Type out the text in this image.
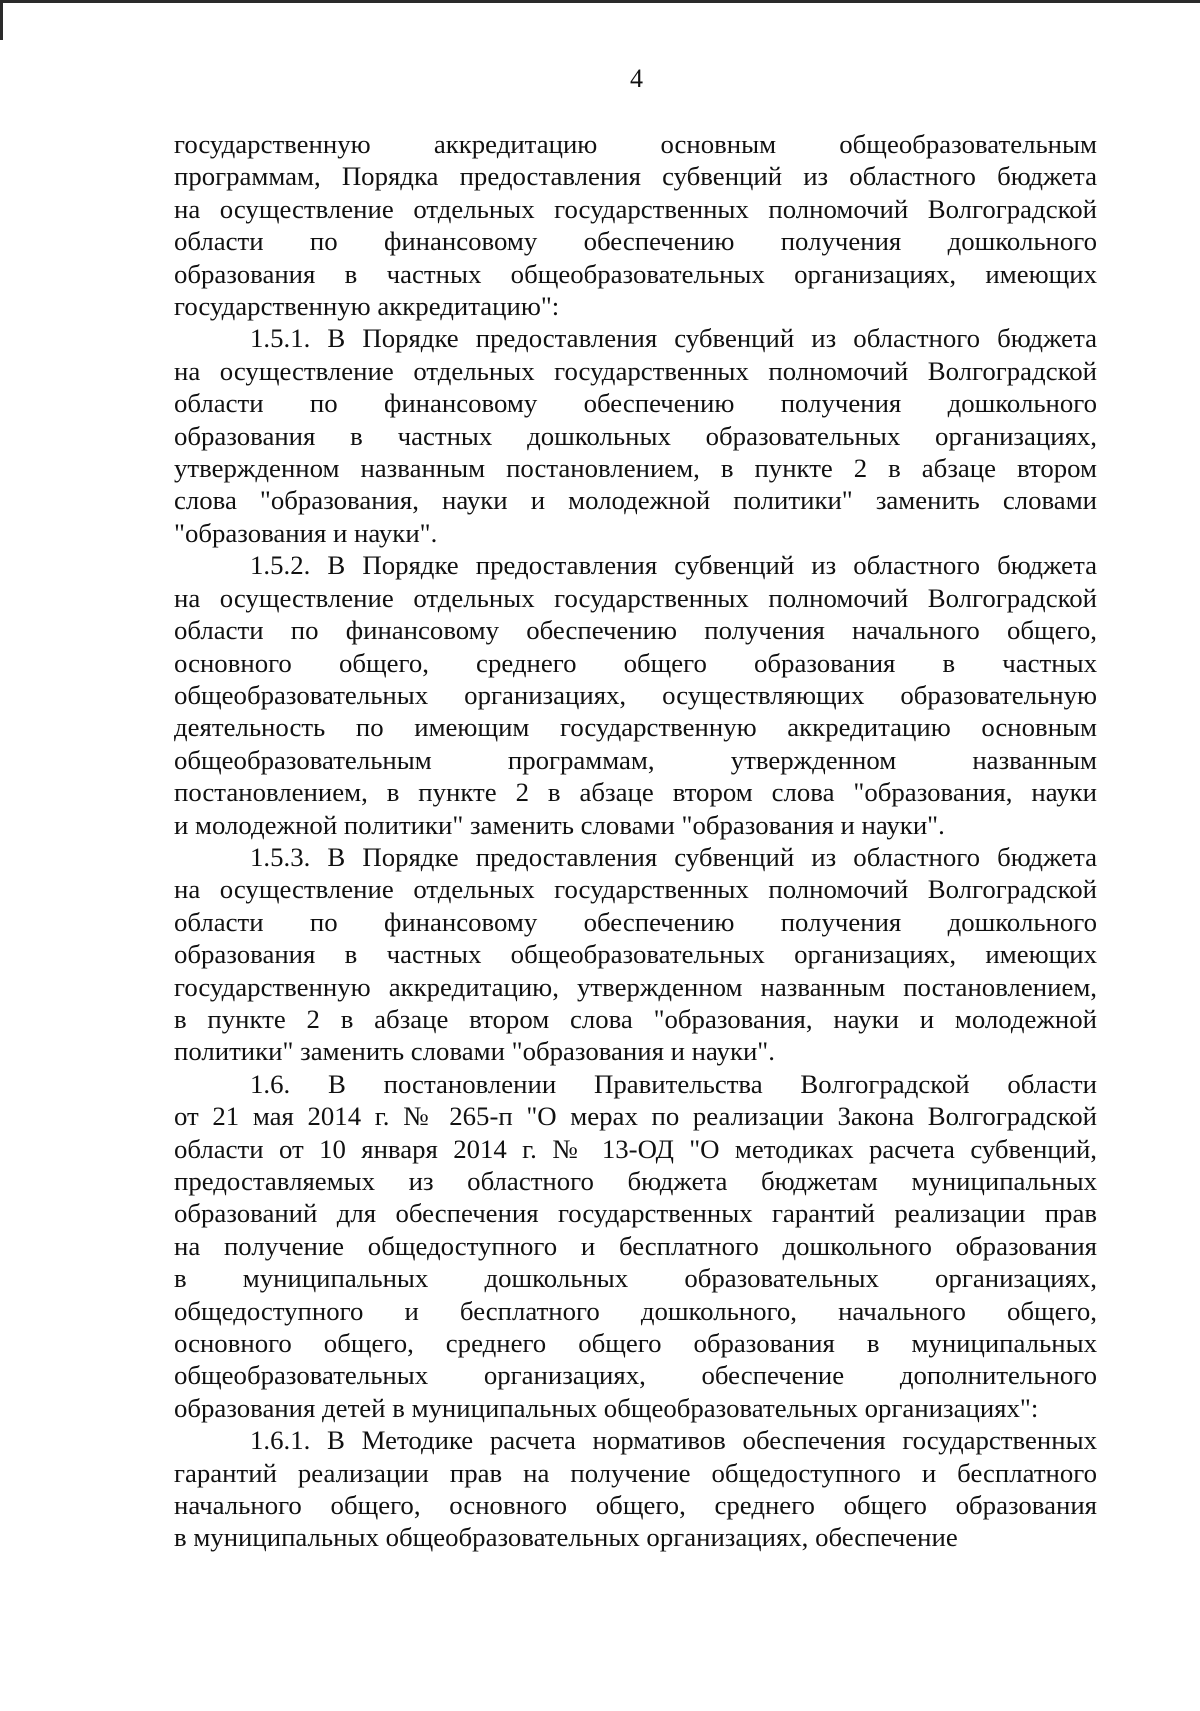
4
государственную аккредитацию основным общеобразовательным
программам, Порядка предоставления субвенций из областного бюджета
на осуществление отдельных государственных полномочий Волгоградской
области по финансовому обеспечению получения дошкольного
образования в частных общеобразовательных организациях, имеющих
государственную аккредитацию":
1.5.1. В Порядке предоставления субвенций из областного бюджета
на осуществление отдельных государственных полномочий Волгоградской
области по финансовому обеспечению получения дошкольного
образования в частных дошкольных образовательных организациях,
утвержденном названным постановлением, в пункте 2 в абзаце втором
слова "образования, науки и молодежной политики" заменить словами
"образования и науки".
1.5.2. В Порядке предоставления субвенций из областного бюджета
на осуществление отдельных государственных полномочий Волгоградской
области по финансовому обеспечению получения начального общего,
основного общего, среднего общего образования в частных
общеобразовательных организациях, осуществляющих образовательную
деятельность по имеющим государственную аккредитацию основным
общеобразовательным программам, утвержденном названным
постановлением, в пункте 2 в абзаце втором слова "образования, науки
и молодежной политики" заменить словами "образования и науки".
1.5.3. В Порядке предоставления субвенций из областного бюджета
на осуществление отдельных государственных полномочий Волгоградской
области по финансовому обеспечению получения дошкольного
образования в частных общеобразовательных организациях, имеющих
государственную аккредитацию, утвержденном названным постановлением,
в пункте 2 в абзаце втором слова "образования, науки и молодежной
политики" заменить словами "образования и науки".
1.6. В постановлении Правительства Волгоградской области
от 21 мая 2014 г. № 265-п "О мерах по реализации Закона Волгоградской
области от 10 января 2014 г. № 13-ОД "О методиках расчета субвенций,
предоставляемых из областного бюджета бюджетам муниципальных
образований для обеспечения государственных гарантий реализации прав
на получение общедоступного и бесплатного дошкольного образования
в муниципальных дошкольных образовательных организациях,
общедоступного и бесплатного дошкольного, начального общего,
основного общего, среднего общего образования в муниципальных
общеобразовательных организациях, обеспечение дополнительного
образования детей в муниципальных общеобразовательных организациях":
1.6.1. В Методике расчета нормативов обеспечения государственных
гарантий реализации прав на получение общедоступного и бесплатного
начального общего, основного общего, среднего общего образования
в муниципальных общеобразовательных организациях, обеспечение
